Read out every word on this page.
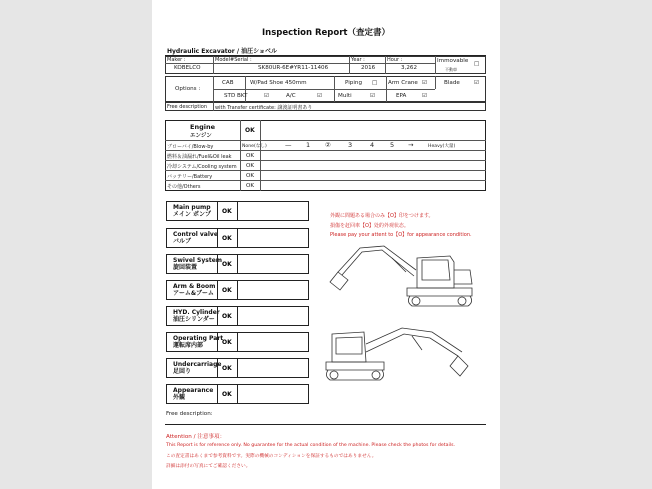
Inspection Report（査定書）
Hydraulic Excavator / 油圧ショベル
Maker :
KOBELCO
Model#Serial :
SK80UR-6E#YR11-11406
Year :
2016
Hour :
3,262
Immovable
不動車
□
Options :
CAB	W/Pad Shoe 450mm	Piping □ Arm Crane ☑	Blade	☑
STD BKT	☑	A/C	☑	Multi	☑	EPA	☑
Free description with Transfer certificate: 譲渡証明書あり
Engine
エンジン
OK
ブローバイ/Blow-by	None(なし)	— 1 ②	3	4 5 →	Heavy(大量)
燃料＆油漏れ/Fuel&Oil leak	OK
冷却システム/Cooling system OK
バッテリー/Battery	OK
その他/Others	OK
Main pump
メイン ポンプ OK
Control valve
バルブ	OK
Swivel System
旋回装置	OK
Arm & Boom
アーム&ブーム OK
HYD. Cylinder
油圧シリンダー	OK
Operating Part
運転席内部	OK
Undercarriage
足回り	OK
Appearance
外観	OK
外観に問題ある場合のみ【O】印をつけます。
損傷を赶回車【O】处的外观状态。
Please pay your attent to【O】for appearance condition.
Free description:
Attention / 注意事項：
This Report is for reference only. No guarantee for the actual condition of the machine. Please check the photos for details.
この査定書はあくまで参考資料です。実際の機械のコンディションを保証するものではありません。
詳細は添付の写真にてご確認ください。
